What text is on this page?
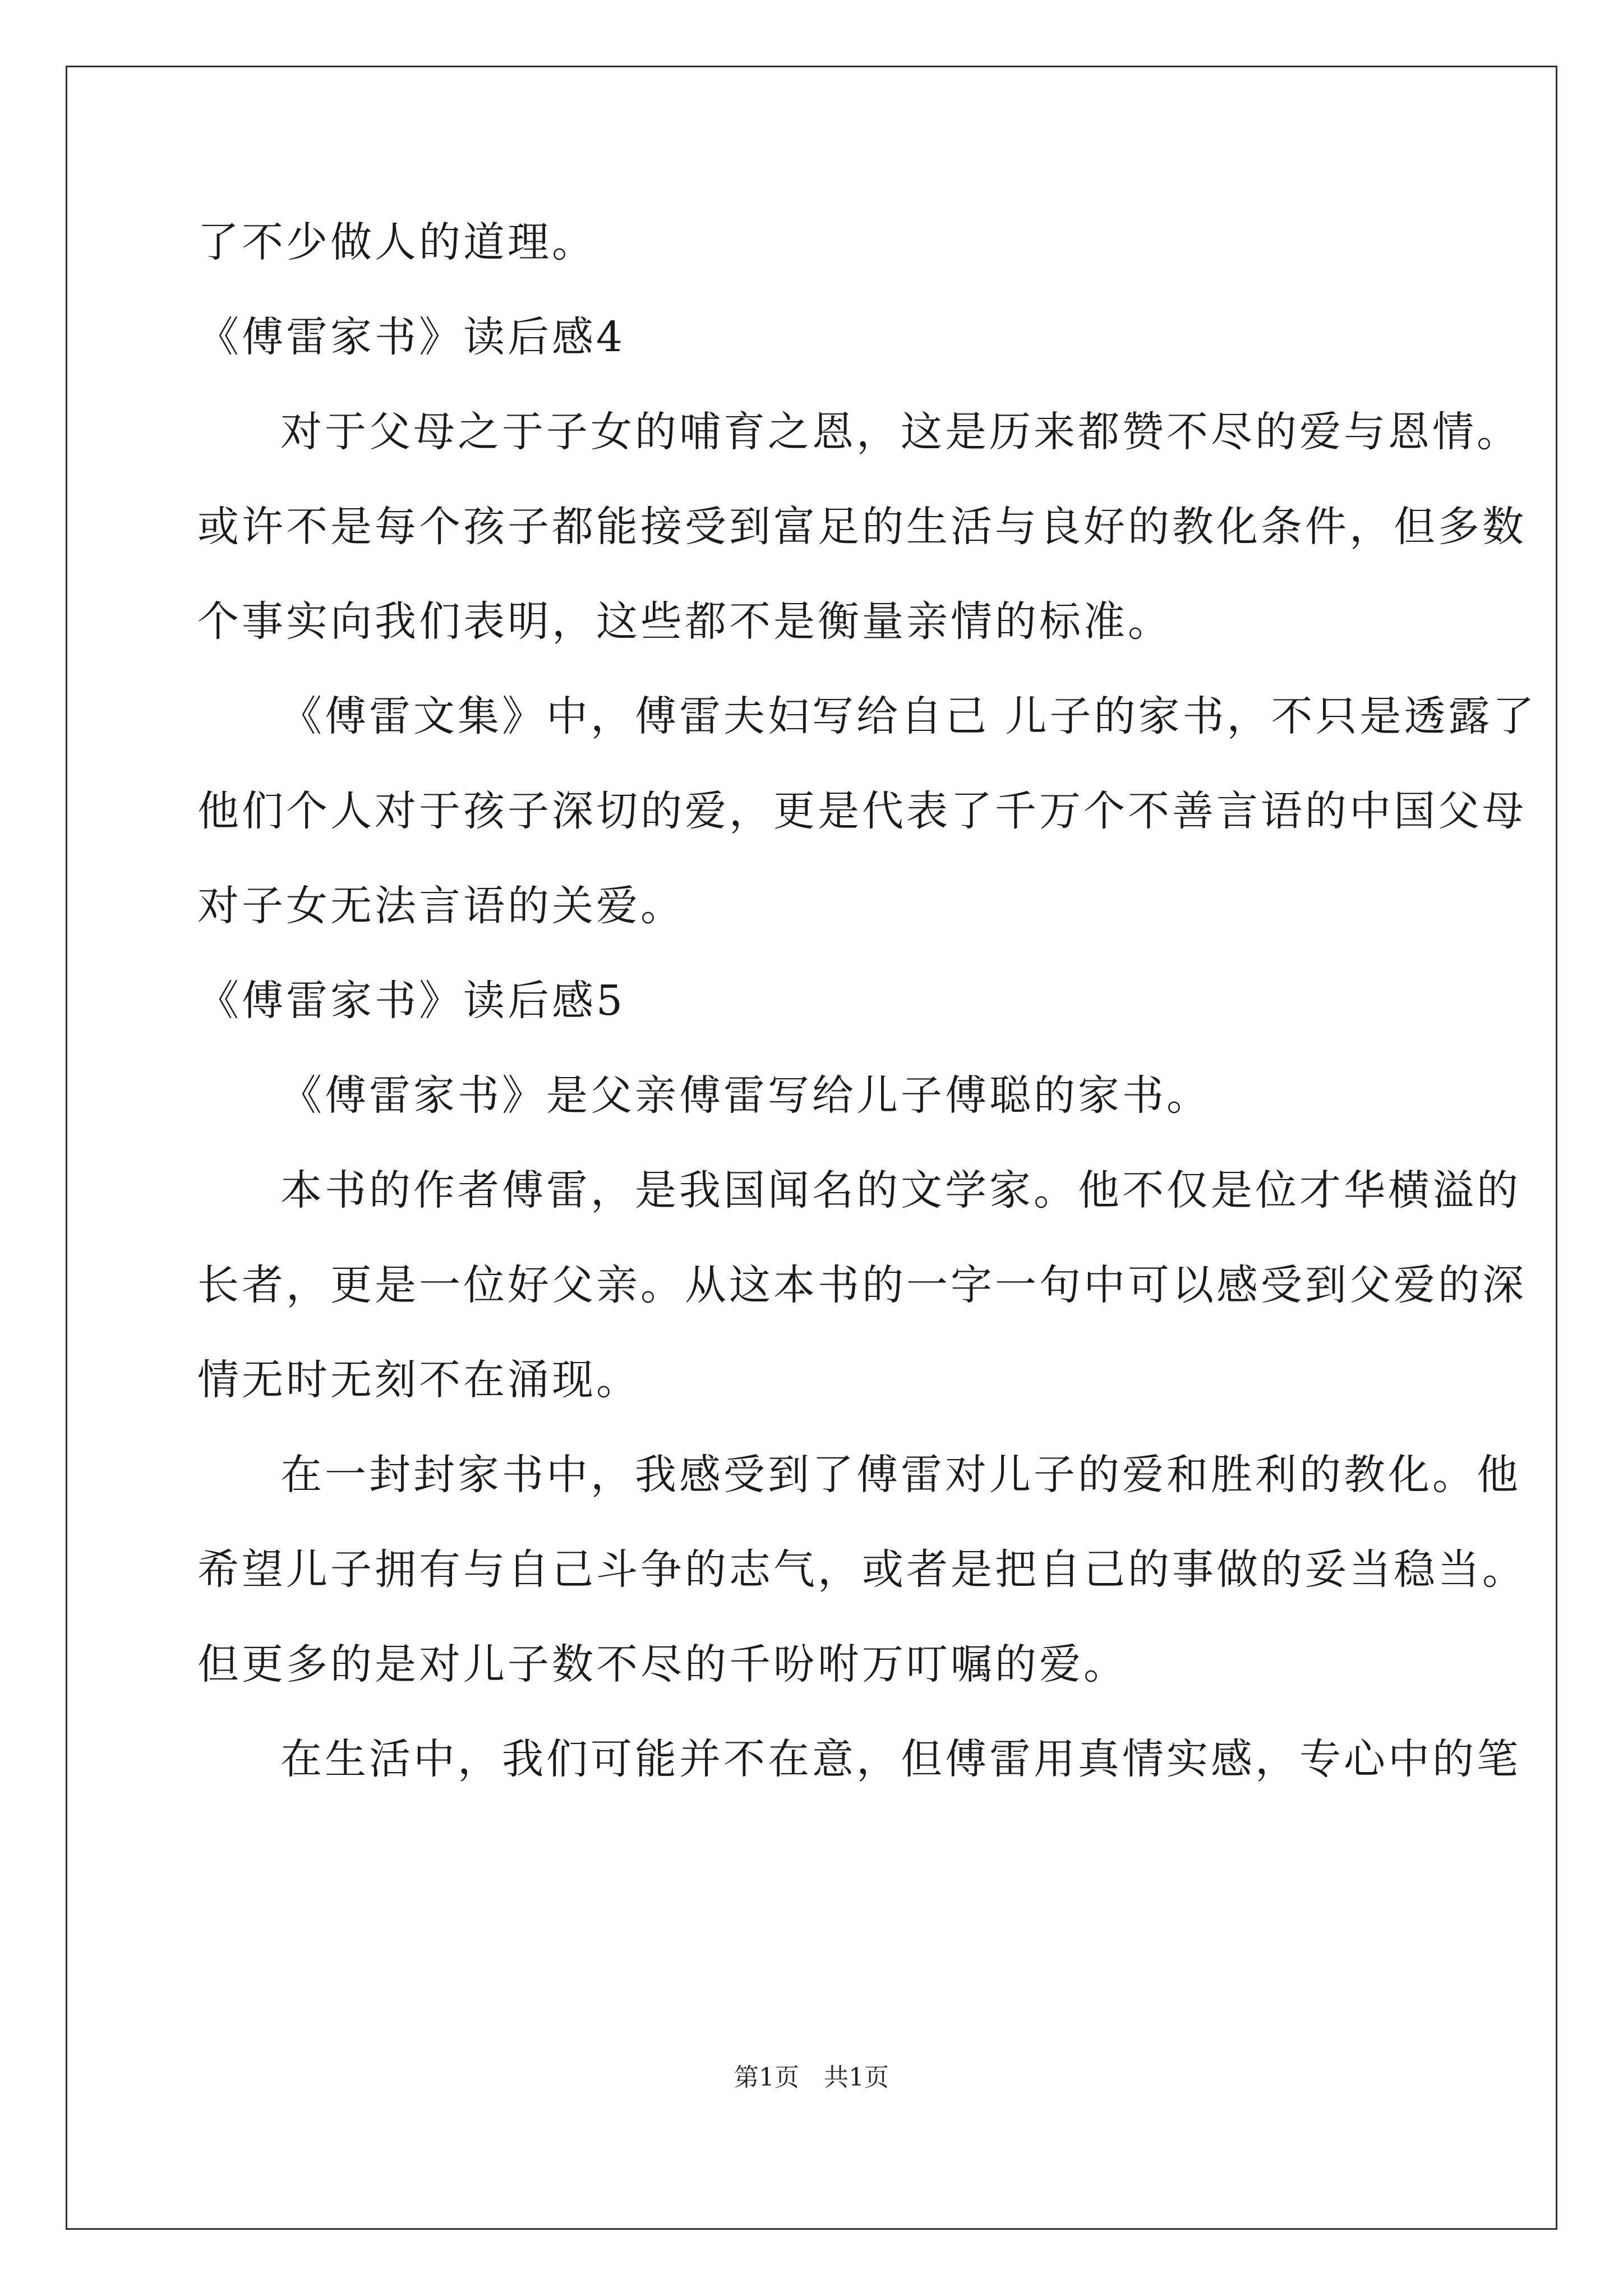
了不少做人的道理。
《傅雷家书》读后感4
对于父母之于子女的哺育之恩，这是历来都赞不尽的爱与恩情。
或许不是每个孩子都能接受到富足的生活与良好的教化条件，但多数
个事实向我们表明，这些都不是衡量亲情的标准。
《傅雷文集》中，傅雷夫妇写给自己 儿子的家书，不只是透露了
他们个人对于孩子深切的爱，更是代表了千万个不善言语的中国父母
对子女无法言语的关爱。
《傅雷家书》读后感5
《傅雷家书》是父亲傅雷写给儿子傅聪的家书。
本书的作者傅雷，是我国闻名的文学家。他不仅是位才华横溢的
长者，更是一位好父亲。从这本书的一字一句中可以感受到父爱的深
情无时无刻不在涌现。
在一封封家书中，我感受到了傅雷对儿子的爱和胜利的教化。他
希望儿子拥有与自己斗争的志气，或者是把自己的事做的妥当稳当。
但更多的是对儿子数不尽的千吩咐万叮嘱的爱。
在生活中，我们可能并不在意，但傅雷用真情实感，专心中的笔
第1页　共1页
